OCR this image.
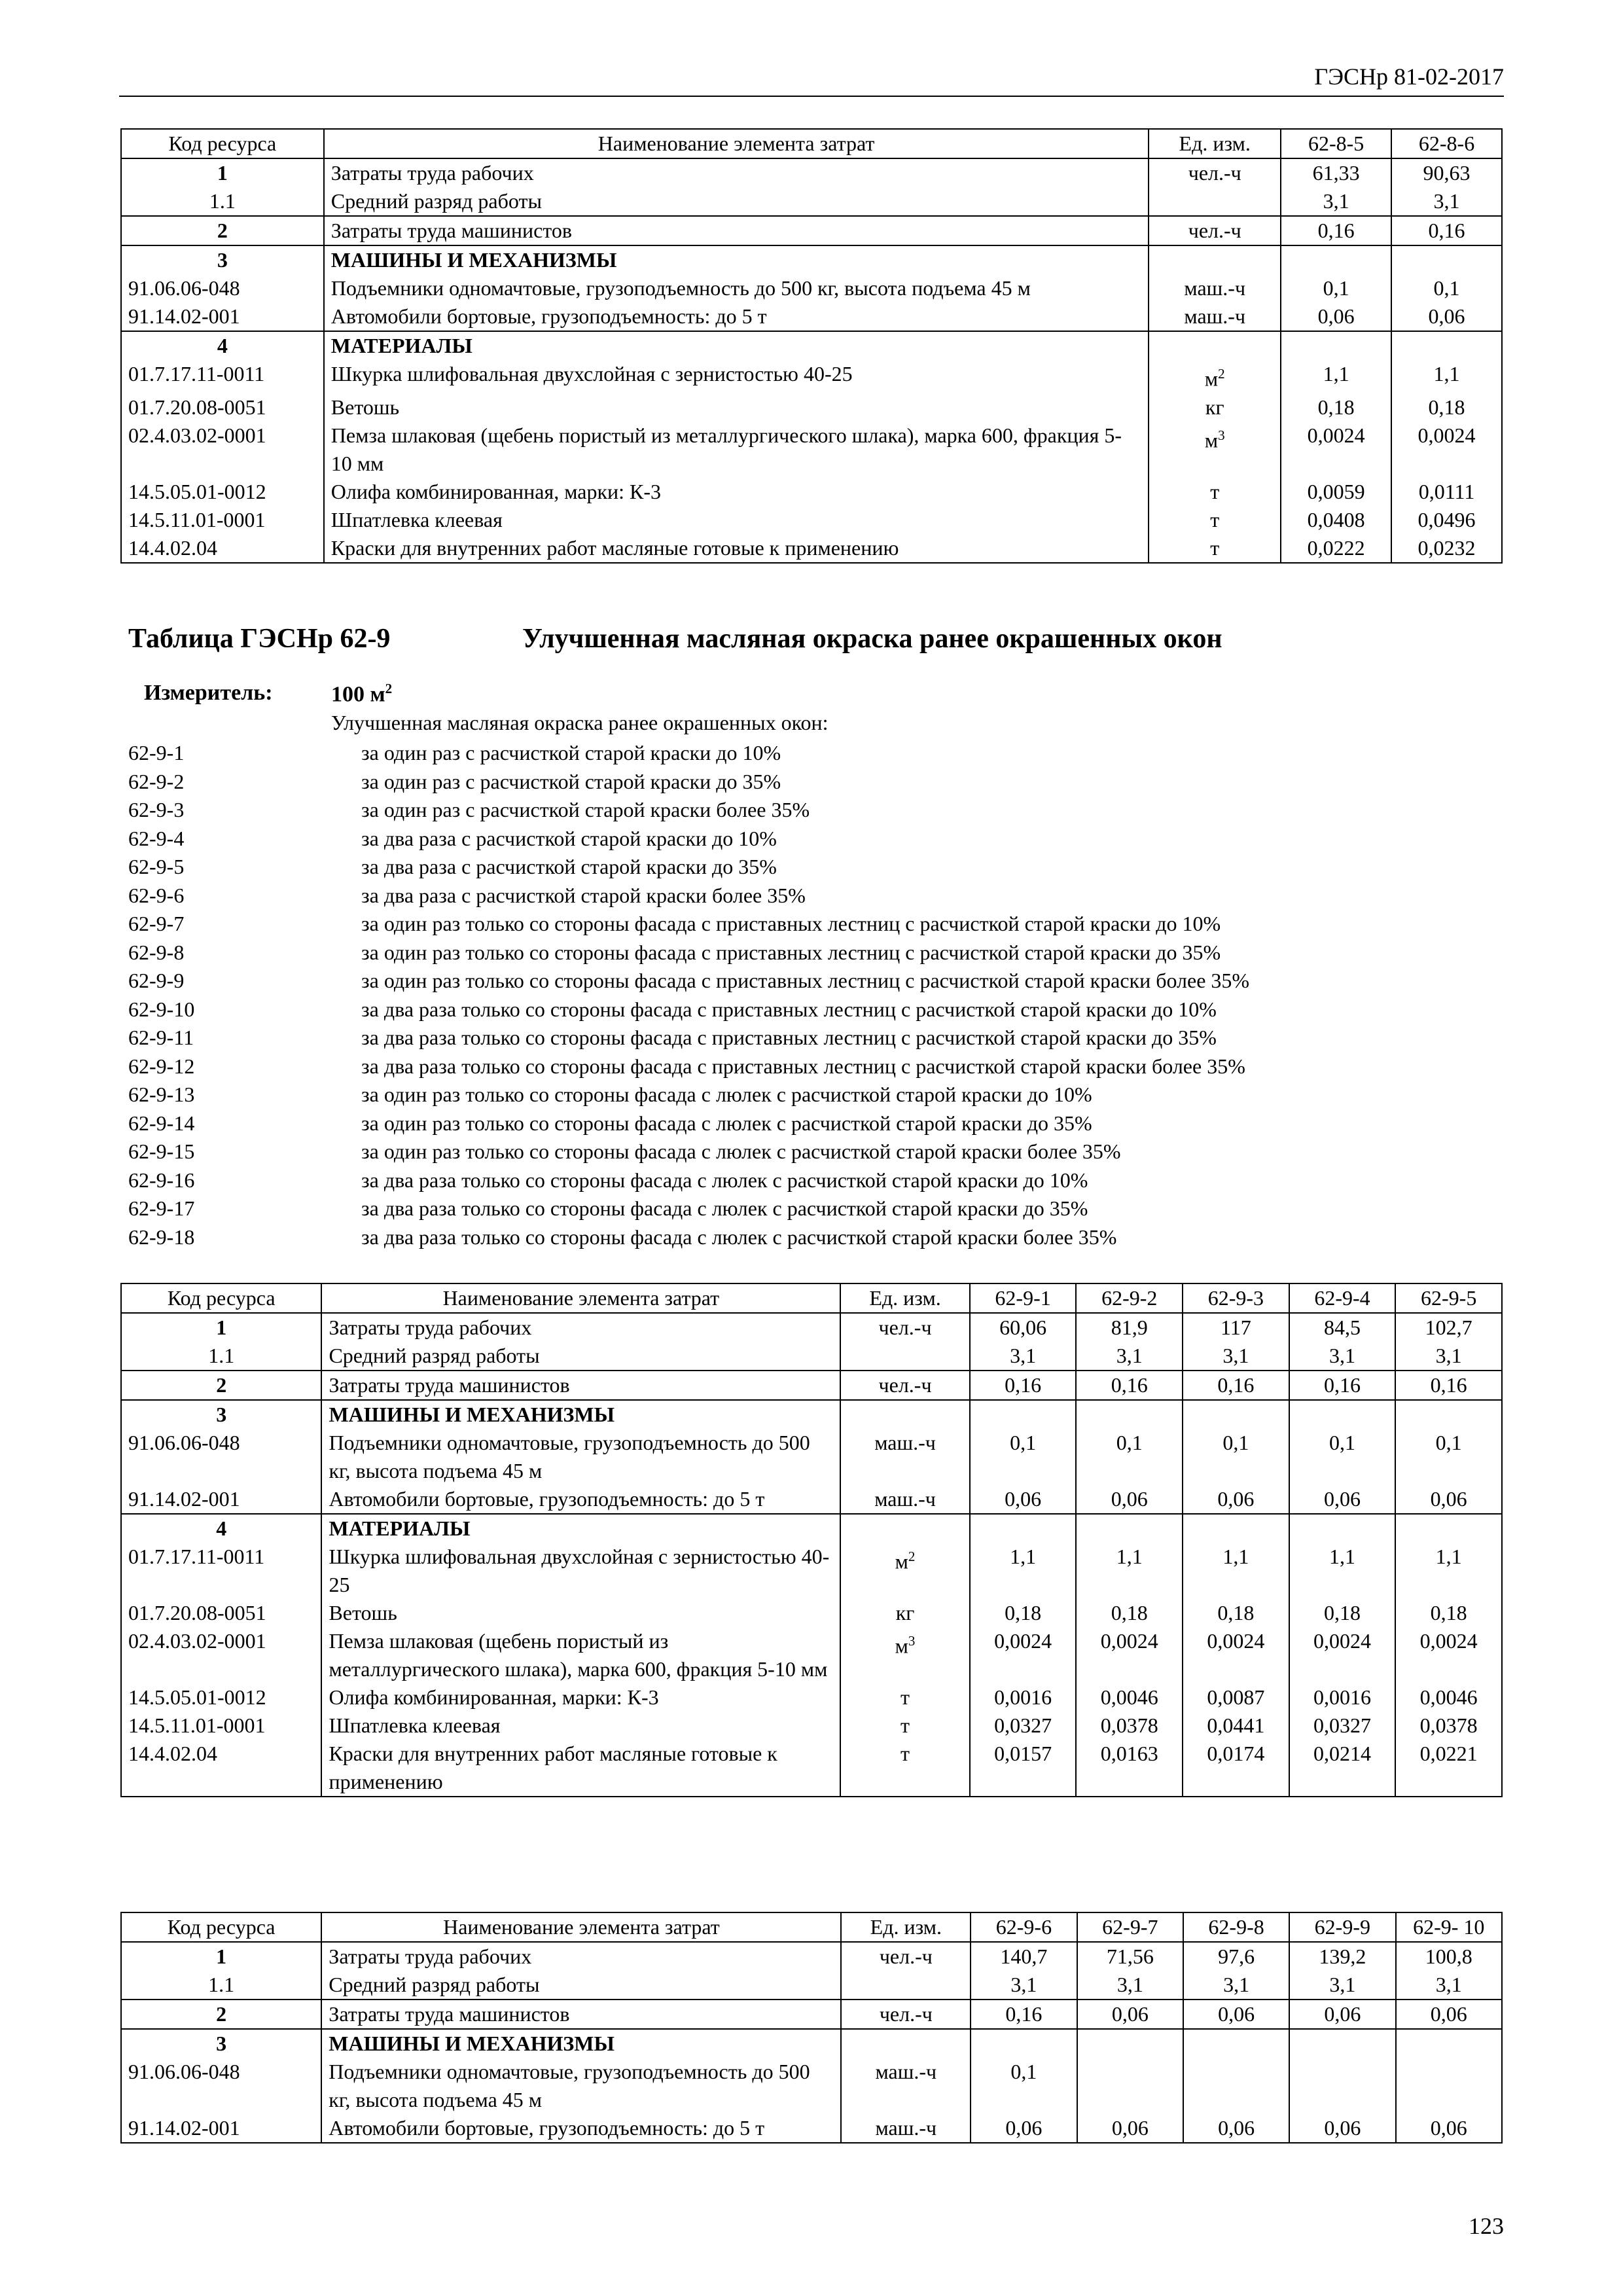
ГЭСНр 81-02-2017
Код ресурса	Наименование элемента затрат	Ед. изм.	62-8-5	62-8-6
1	Затраты труда рабочих	чел.-ч	61,33	90,63
1.1	Средний разряд работы		3,1	3,1
2	Затраты труда машинистов	чел.-ч	0,16	0,16
3	МАШИНЫ И МЕХАНИЗМЫ			
91.06.06-048	Подъемники одномачтовые, грузоподъемность до 500 кг, высота подъема 45 м	маш.-ч	0,1	0,1
91.14.02-001	Автомобили бортовые, грузоподъемность: до 5 т	маш.-ч	0,06	0,06
4	МАТЕРИАЛЫ			
01.7.17.11-0011	Шкурка шлифовальная двухслойная с зернистостью 40-25	$м^2$	1,1	1,1
01.7.20.08-0051	Ветошь	кг	0,18	0,18
02.4.03.02-0001	Пемза шлаковая (щебень пористый из металлургического шлака), марка 600, фракция 5-10 мм	$м^3$	0,0024	0,0024
14.5.05.01-0012	Олифа комбинированная, марки: К-3	т	0,0059	0,0111
14.5.11.01-0001	Шпатлевка клеевая	т	0,0408	0,0496
14.4.02.04	Краски для внутренних работ масляные готовые к применению	т	0,0222	0,0232
Таблица ГЭСНр 62-9	Улучшенная масляная окраска ранее окрашенных окон
Измеритель:	100 $м^2$
Улучшенная масляная окраска ранее окрашенных окон:
62-9-1	за один раз с расчисткой старой краски до 10%
62-9-2	за один раз с расчисткой старой краски до 35%
62-9-3	за один раз с расчисткой старой краски более 35%
62-9-4	за два раза с расчисткой старой краски до 10%
62-9-5	за два раза с расчисткой старой краски до 35%
62-9-6	за два раза с расчисткой старой краски более 35%
62-9-7	за один раз только со стороны фасада с приставных лестниц с расчисткой старой краски до 10%
62-9-8	за один раз только со стороны фасада с приставных лестниц с расчисткой старой краски до 35%
62-9-9	за один раз только со стороны фасада с приставных лестниц с расчисткой старой краски более 35%
62-9-10	за два раза только со стороны фасада с приставных лестниц с расчисткой старой краски до 10%
62-9-11	за два раза только со стороны фасада с приставных лестниц с расчисткой старой краски до 35%
62-9-12	за два раза только со стороны фасада с приставных лестниц с расчисткой старой краски более 35%
62-9-13	за один раз только со стороны фасада с люлек с расчисткой старой краски до 10%
62-9-14	за один раз только со стороны фасада с люлек с расчисткой старой краски до 35%
62-9-15	за один раз только со стороны фасада с люлек с расчисткой старой краски более 35%
62-9-16	за два раза только со стороны фасада с люлек с расчисткой старой краски до 10%
62-9-17	за два раза только со стороны фасада с люлек с расчисткой старой краски до 35%
62-9-18	за два раза только со стороны фасада с люлек с расчисткой старой краски более 35%
Код ресурса	Наименование элемента затрат	Ед. изм.	62-9-1	62-9-2	62-9-3	62-9-4	62-9-5
1	Затраты труда рабочих	чел.-ч	60,06	81,9	117	84,5	102,7
1.1	Средний разряд работы		3,1	3,1	3,1	3,1	3,1
2	Затраты труда машинистов	чел.-ч	0,16	0,16	0,16	0,16	0,16
3	МАШИНЫ И МЕХАНИЗМЫ						
91.06.06-048	Подъемники одномачтовые, грузоподъемность до 500 кг, высота подъема 45 м	маш.-ч	0,1	0,1	0,1	0,1	0,1
91.14.02-001	Автомобили бортовые, грузоподъемность: до 5 т	маш.-ч	0,06	0,06	0,06	0,06	0,06
4	МАТЕРИАЛЫ						
01.7.17.11-0011	Шкурка шлифовальная двухслойная с зернистостью 40-25	$м^2$	1,1	1,1	1,1	1,1	1,1
01.7.20.08-0051	Ветошь	кг	0,18	0,18	0,18	0,18	0,18
02.4.03.02-0001	Пемза шлаковая (щебень пористый из металлургического шлака), марка 600, фракция 5-10 мм	$м^3$	0,0024	0,0024	0,0024	0,0024	0,0024
14.5.05.01-0012	Олифа комбинированная, марки: К-3	т	0,0016	0,0046	0,0087	0,0016	0,0046
14.5.11.01-0001	Шпатлевка клеевая	т	0,0327	0,0378	0,0441	0,0327	0,0378
14.4.02.04	Краски для внутренних работ масляные готовые к применению	т	0,0157	0,0163	0,0174	0,0214	0,0221
Код ресурса	Наименование элемента затрат	Ед. изм.	62-9-6	62-9-7	62-9-8	62-9-9	62-9- 10
1	Затраты труда рабочих	чел.-ч	140,7	71,56	97,6	139,2	100,8
1.1	Средний разряд работы		3,1	3,1	3,1	3,1	3,1
2	Затраты труда машинистов	чел.-ч	0,16	0,06	0,06	0,06	0,06
3	МАШИНЫ И МЕХАНИЗМЫ						
91.06.06-048	Подъемники одномачтовые, грузоподъемность до 500 кг, высота подъема 45 м	маш.-ч	0,1				
91.14.02-001	Автомобили бортовые, грузоподъемность: до 5 т	маш.-ч	0,06	0,06	0,06	0,06	0,06
123
